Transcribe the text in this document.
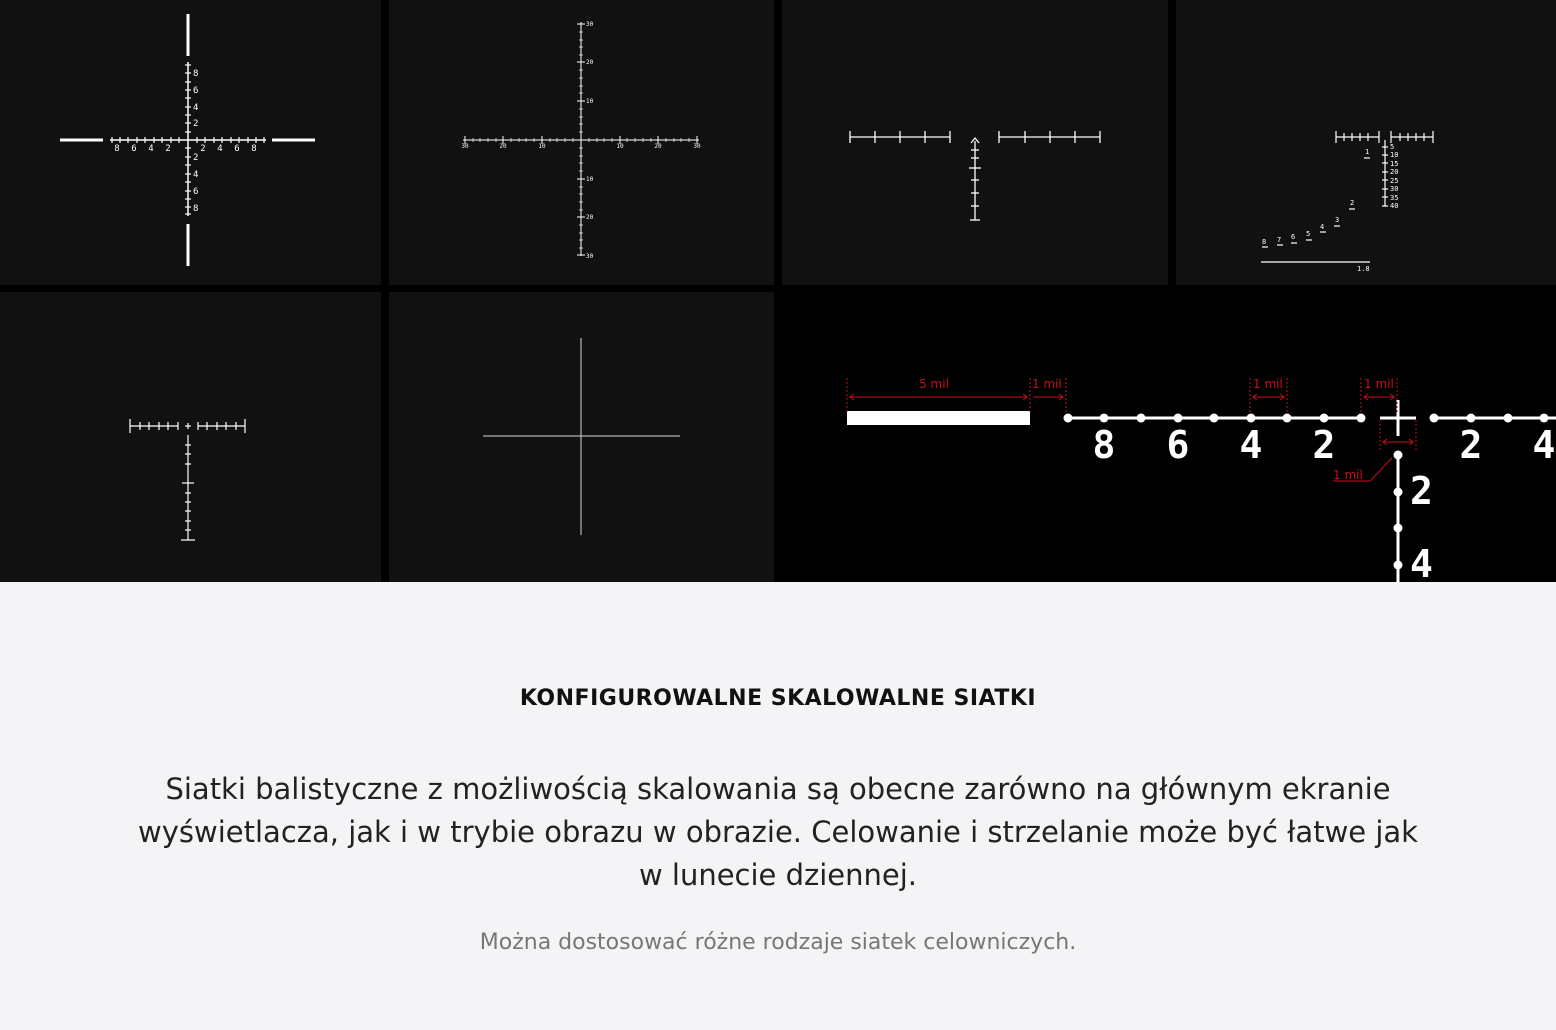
8 6 4 2	2 4 6 8
8
6
4
2
2
4
6
8
30	20	10	10	20	30
30
20
10
10
20
30
5
10
15
20
25
30
35
40
8 7 6 5
4
3
2
1
1.8
8 6 4 2	2 4
2
4
5 mil	1 mil	1 mil	1 mil
1 mil
KONFIGUROWALNE SKALOWALNE SIATKI

Siatki balistyczne z możliwością skalowania są obecne zarówno na głównym ekranie wyświetlacza, jak i w trybie obrazu w obrazie. Celowanie i strzelanie może być łatwe jak w lunecie dziennej.

Można dostosować różne rodzaje siatek celowniczych.
